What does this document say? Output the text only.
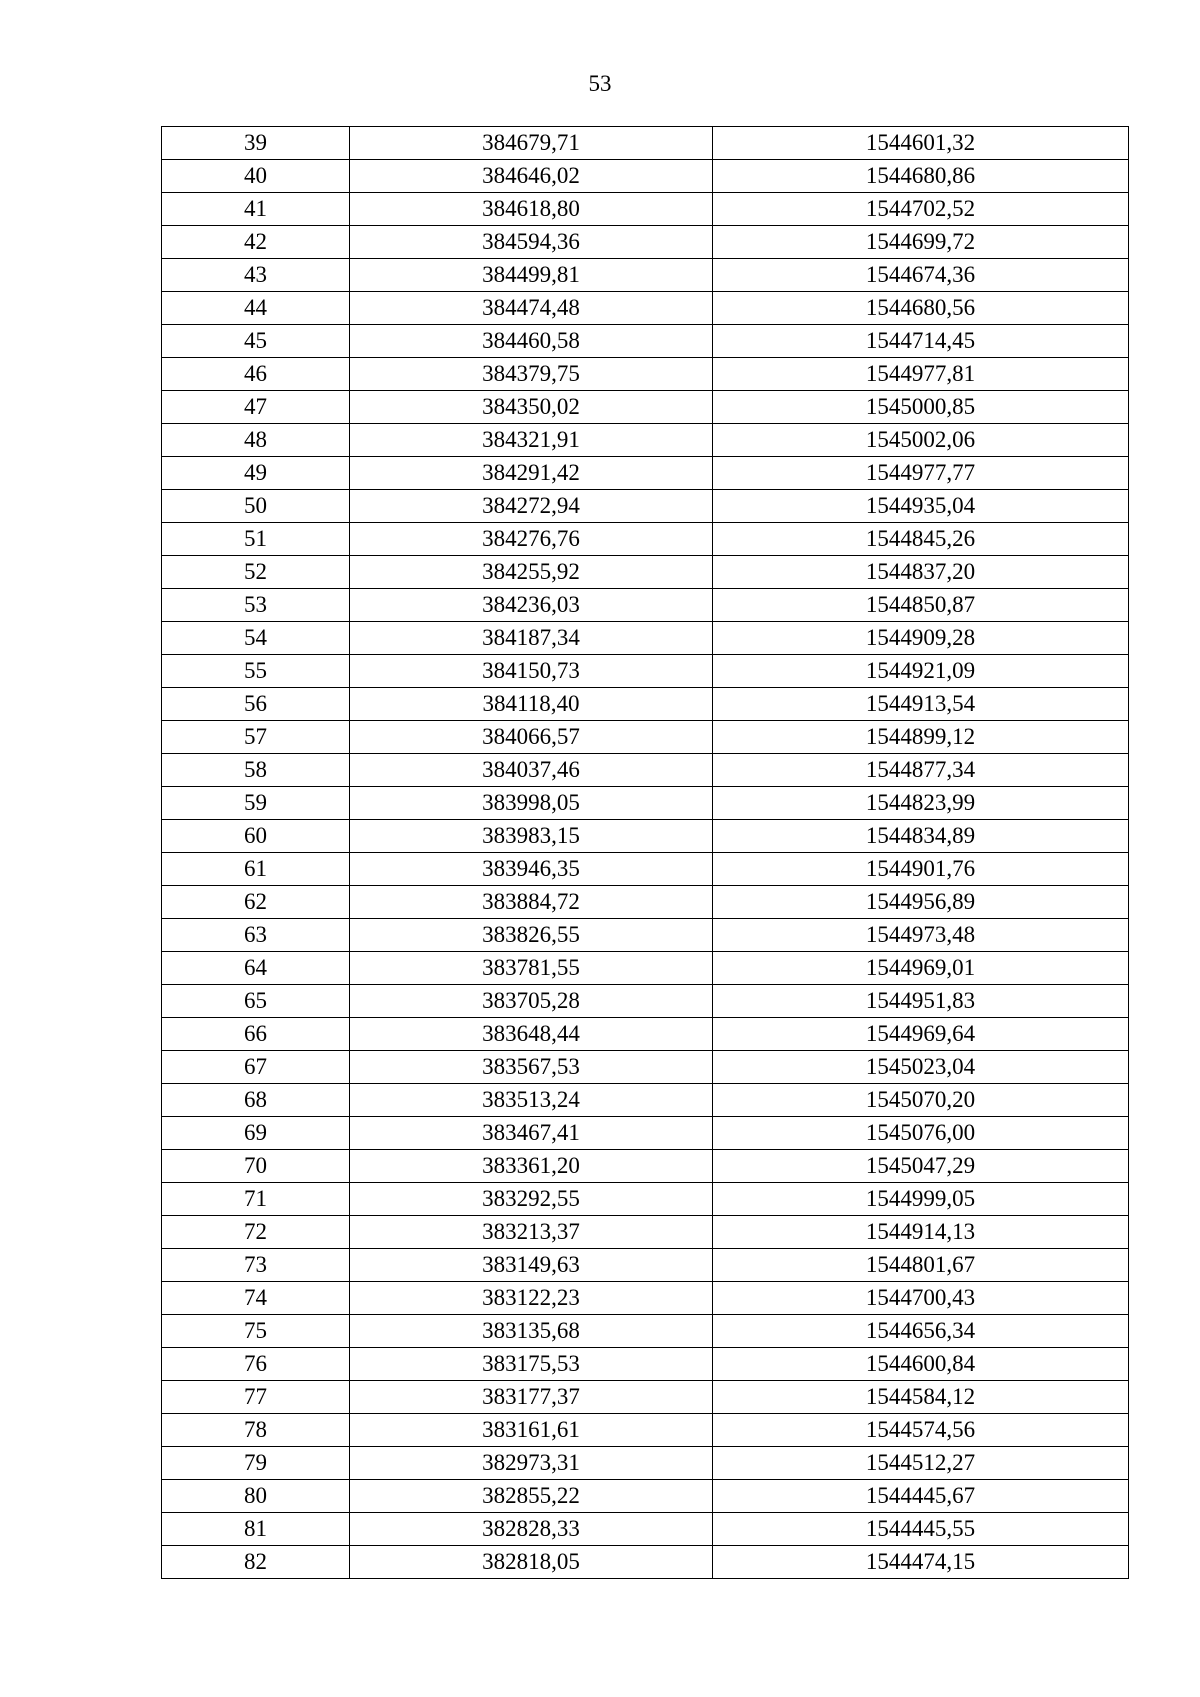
53
39	384679,71	1544601,32
40	384646,02	1544680,86
41	384618,80	1544702,52
42	384594,36	1544699,72
43	384499,81	1544674,36
44	384474,48	1544680,56
45	384460,58	1544714,45
46	384379,75	1544977,81
47	384350,02	1545000,85
48	384321,91	1545002,06
49	384291,42	1544977,77
50	384272,94	1544935,04
51	384276,76	1544845,26
52	384255,92	1544837,20
53	384236,03	1544850,87
54	384187,34	1544909,28
55	384150,73	1544921,09
56	384118,40	1544913,54
57	384066,57	1544899,12
58	384037,46	1544877,34
59	383998,05	1544823,99
60	383983,15	1544834,89
61	383946,35	1544901,76
62	383884,72	1544956,89
63	383826,55	1544973,48
64	383781,55	1544969,01
65	383705,28	1544951,83
66	383648,44	1544969,64
67	383567,53	1545023,04
68	383513,24	1545070,20
69	383467,41	1545076,00
70	383361,20	1545047,29
71	383292,55	1544999,05
72	383213,37	1544914,13
73	383149,63	1544801,67
74	383122,23	1544700,43
75	383135,68	1544656,34
76	383175,53	1544600,84
77	383177,37	1544584,12
78	383161,61	1544574,56
79	382973,31	1544512,27
80	382855,22	1544445,67
81	382828,33	1544445,55
82	382818,05	1544474,15
